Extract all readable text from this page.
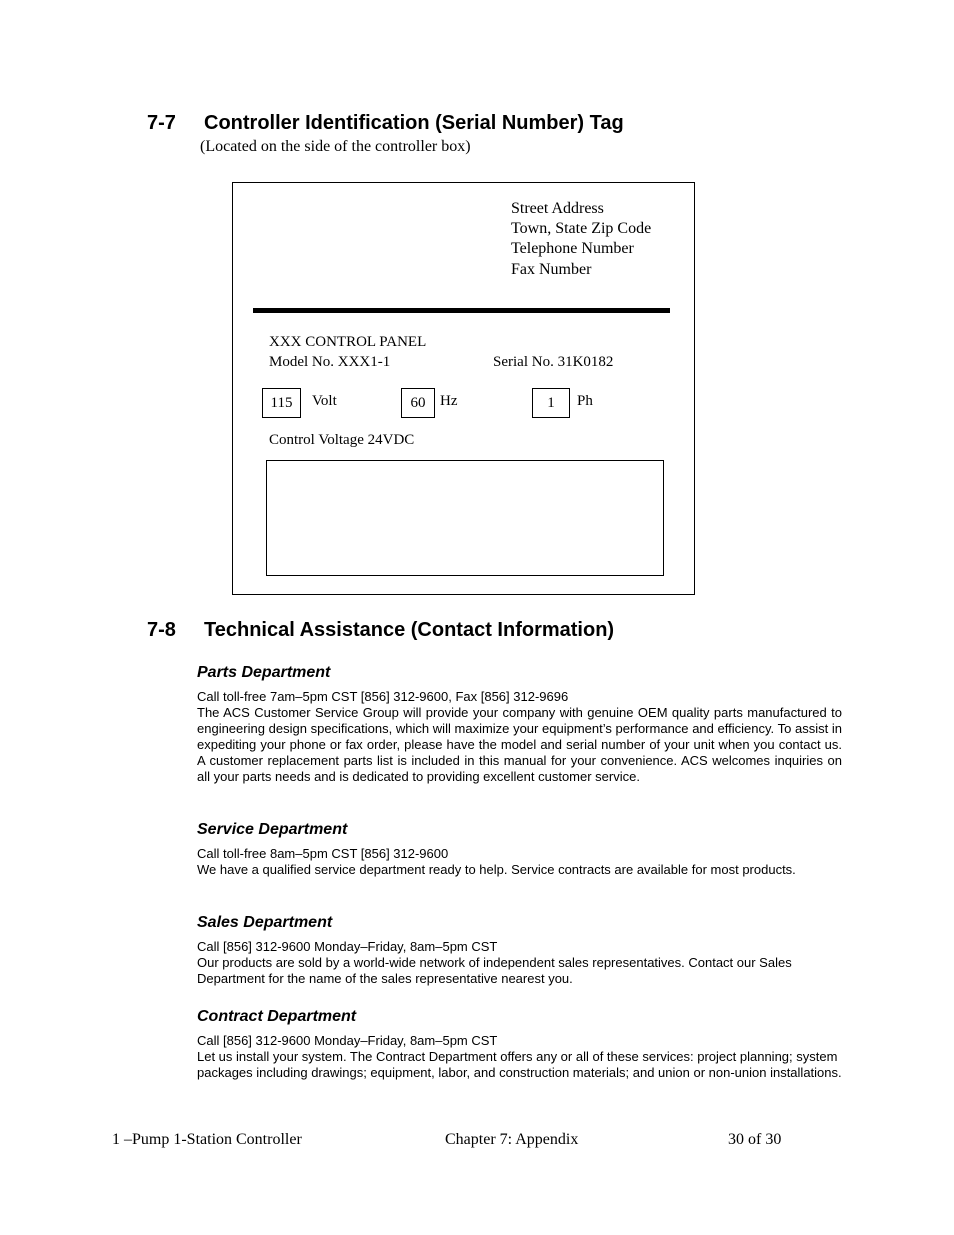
7-7 Controller Identification (Serial Number) Tag
(Located on the side of the controller box)
Street Address
Town, State Zip Code
Telephone Number
Fax Number
XXX CONTROL PANEL
Model No. XXX1-1	Serial No. 31K0182
115	Volt	60 Hz	1	Ph
Control Voltage 24VDC
7-8 Technical Assistance (Contact Information)
Parts Department
Call toll-free 7am–5pm CST [856] 312-9600, Fax [856] 312-9696
The ACS Customer Service Group will provide your company with genuine OEM quality parts manufactured to engineering design specifications, which will maximize your equipment’s performance and efficiency. To assist in expediting your phone or fax order, please have the model and serial number of your unit when you contact us. A customer replacement parts list is included in this manual for your convenience. ACS welcomes inquiries on all your parts needs and is dedicated to providing excellent customer service.
Service Department
Call toll-free 8am–5pm CST [856] 312-9600
We have a qualified service department ready to help. Service contracts are available for most products.
Sales Department
Call [856] 312-9600 Monday–Friday, 8am–5pm CST
Our products are sold by a world-wide network of independent sales representatives. Contact our Sales Department for the name of the sales representative nearest you.
Contract Department
Call [856] 312-9600 Monday–Friday, 8am–5pm CST
Let us install your system. The Contract Department offers any or all of these services: project planning; system packages including drawings; equipment, labor, and construction materials; and union or non-union installations.
1 –Pump 1-Station Controller	Chapter 7: Appendix	30 of 30
